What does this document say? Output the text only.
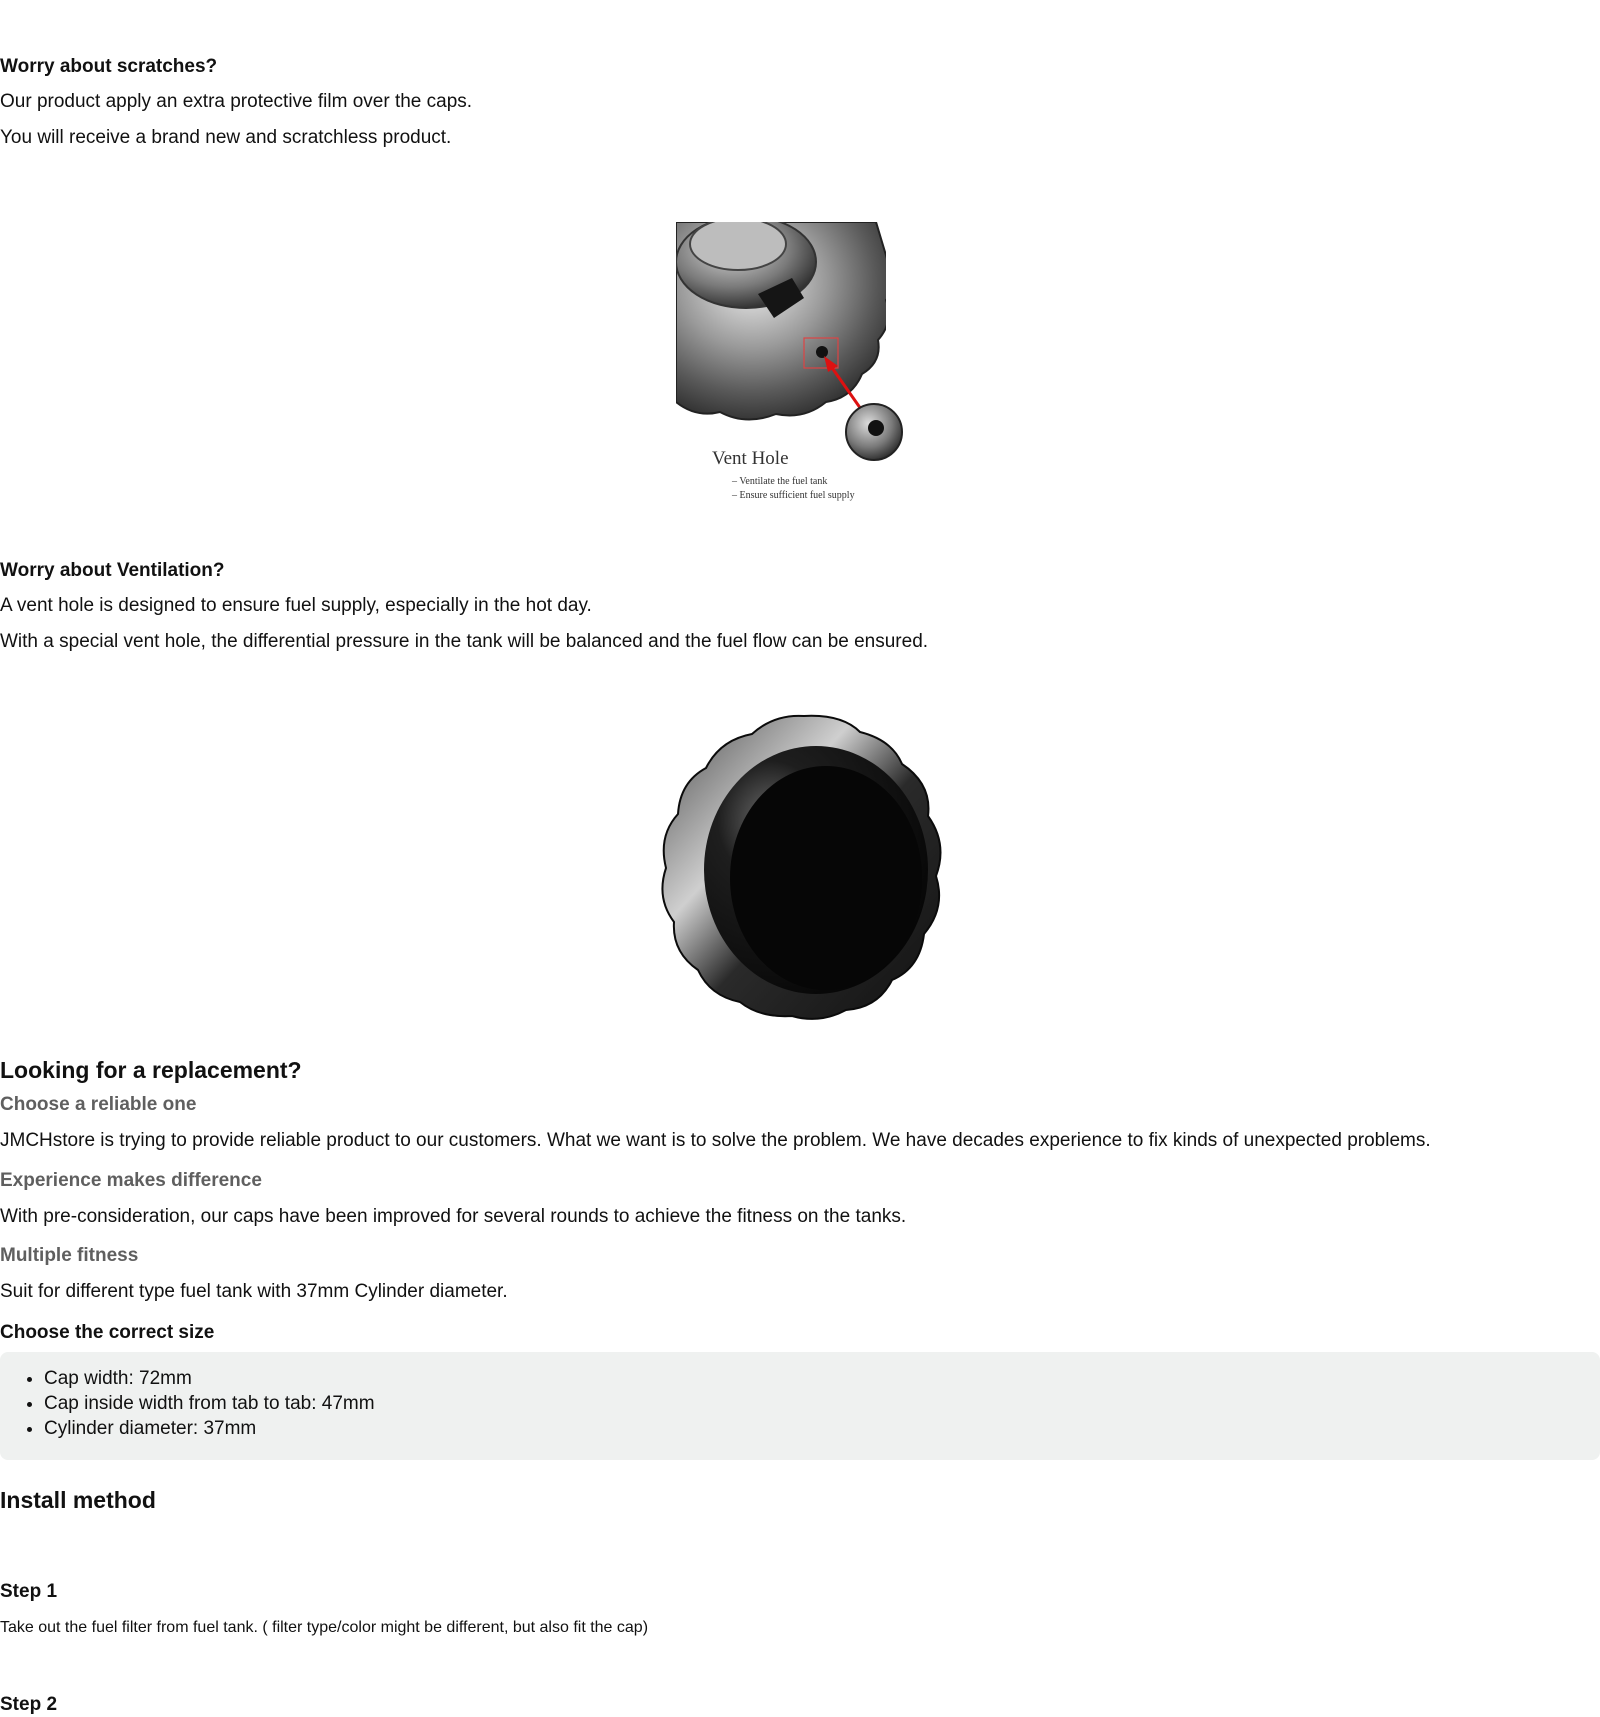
Worry about scratches?

Our product apply an extra protective film over the caps.

You will receive a brand new and scratchless product.

Vent Hole
– Ventilate the fuel tank
– Ensure sufficient fuel supply
Worry about Ventilation?

A vent hole is designed to ensure fuel supply, especially in the hot day.

With a special vent hole, the differential pressure in the tank will be balanced and the fuel flow can be ensured.

Looking for a replacement?
Choose a reliable one

JMCHstore is trying to provide reliable product to our customers. What we want is to solve the problem. We have decades experience to fix kinds of unexpected problems.

Experience makes difference

With pre-consideration, our caps have been improved for several rounds to achieve the fitness on the tanks.

Multiple fitness

Suit for different type fuel tank with 37mm Cylinder diameter.

Choose the correct size
• Cap width: 72mm
• Cap inside width from tab to tab: 47mm
• Cylinder diameter: 37mm
Install method
Step 1

Take out the fuel filter from fuel tank. ( filter type/color might be different, but also fit the cap)

Step 2
